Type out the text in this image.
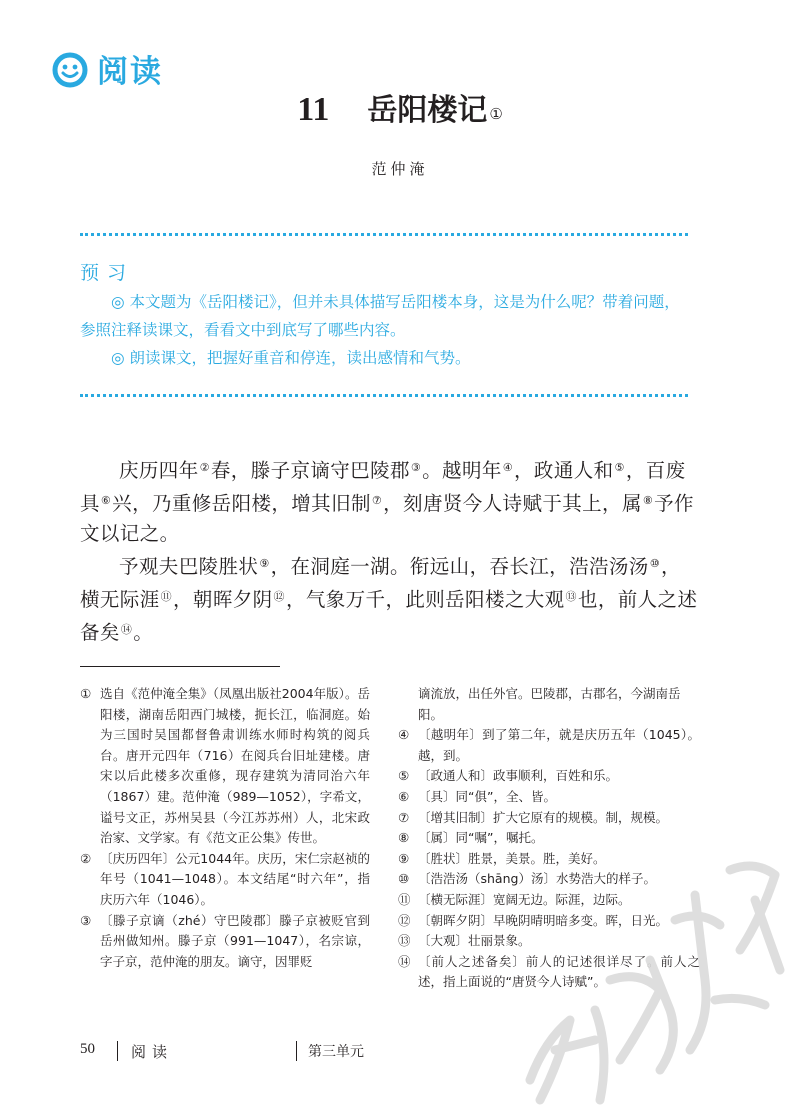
阅读
11 岳阳楼记 ①
范仲淹
预习

◎ 本文题为《岳阳楼记》，但并未具体描写岳阳楼本身，这是为什么呢？带着问题，参照注释读课文，看看文中到底写了哪些内容。

◎ 朗读课文，把握好重音和停连，读出感情和气势。

庆历四年②春，滕子京谪守巴陵郡③。越明年④，政通人和⑤，百废具⑥兴，乃重修岳阳楼，增其旧制⑦，刻唐贤今人诗赋于其上，属⑧予作文以记之。

予观夫巴陵胜状⑨，在洞庭一湖。衔远山，吞长江，浩浩汤汤⑩，横无际涯⑪，朝晖夕阴⑫，气象万千，此则岳阳楼之大观⑬也，前人之述备矣⑭。

① 选自《范仲淹全集》（凤凰出版社2004年版）。岳阳楼，湖南岳阳西门城楼，扼长江，临洞庭。始为三国时吴国都督鲁肃训练水师时构筑的阅兵台。唐开元四年（716）在阅兵台旧址建楼。唐宋以后此楼多次重修，现存建筑为清同治六年（1867）建。范仲淹（989—1052），字希文，谥号文正，苏州吴县（今江苏苏州）人，北宋政治家、文学家。有《范文正公集》传世。
② 〔庆历四年〕公元1044年。庆历，宋仁宗赵祯的年号（1041—1048）。本文结尾“时六年”，指庆历六年（1046）。
③ 〔滕子京谪（zhé）守巴陵郡〕滕子京被贬官到岳州做知州。滕子京（991—1047），名宗谅，字子京，范仲淹的朋友。谪守，因罪贬

谪流放，出任外官。巴陵郡，古郡名，今湖南岳阳。

④ 〔越明年〕到了第二年，就是庆历五年（1045）。越，到。
⑤ 〔政通人和〕政事顺利，百姓和乐。
⑥ 〔具〕同“俱”，全、皆。
⑦ 〔增其旧制〕扩大它原有的规模。制，规模。
⑧ 〔属〕同“嘱”，嘱托。
⑨ 〔胜状〕胜景，美景。胜，美好。
⑩ 〔浩浩汤（shāng）汤〕水势浩大的样子。
⑪ 〔横无际涯〕宽阔无边。际涯，边际。
⑫ 〔朝晖夕阴〕早晚阴晴明暗多变。晖，日光。
⑬ 〔大观〕壮丽景象。
⑭ 〔前人之述备矣〕前人的记述很详尽了。前人之述，指上面说的“唐贤今人诗赋”。
50 阅读	第三单元
